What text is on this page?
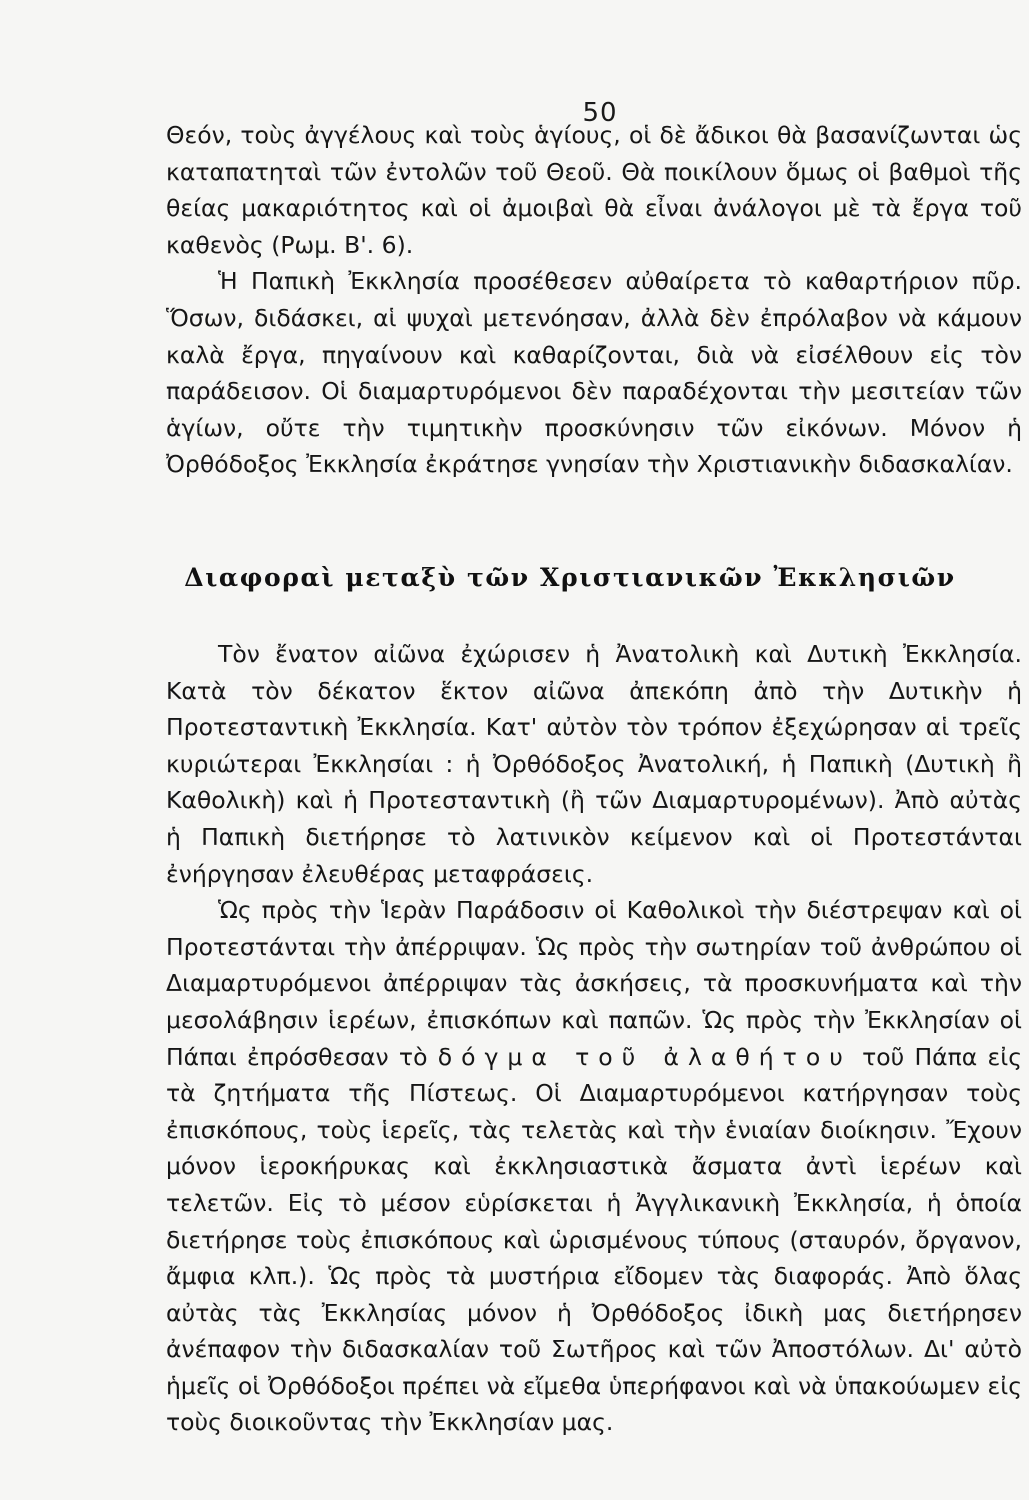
50

Θεόν, τοὺς ἀγγέλους καὶ τοὺς ἁγίους, οἱ δὲ ἄδικοι θὰ βασανίζωνται ὡς καταπατηταὶ τῶν ἐντολῶν τοῦ Θεοῦ. Θὰ ποικίλουν ὅμως οἱ βαθμοὶ τῆς θείας μακαριότητος καὶ οἱ ἀμοιβαὶ θὰ εἶναι ἀνάλογοι μὲ τὰ ἔργα τοῦ καθενὸς (Ρωμ. Β'. 6).

Ἡ Παπικὴ Ἐκκλησία προσέθεσεν αὐθαίρετα τὸ καθαρτήριον πῦρ. Ὅσων, διδάσκει, αἱ ψυχαὶ μετενόησαν, ἀλλὰ δὲν ἐπρόλαβον νὰ κάμουν καλὰ ἔργα, πηγαίνουν καὶ καθαρίζονται, διὰ νὰ εἰσέλθουν εἰς τὸν παράδεισον. Οἱ διαμαρτυρόμενοι δὲν παραδέχονται τὴν μεσιτείαν τῶν ἁγίων, οὔτε τὴν τιμητικὴν προσκύνησιν τῶν εἰκόνων. Μόνον ἡ Ὀρθόδοξος Ἐκκλησία ἐκράτησε γνησίαν τὴν Χριστιανικὴν διδασκαλίαν.

Διαφοραὶ μεταξὺ τῶν Χριστιανικῶν Ἐκκλησιῶν

Τὸν ἔνατον αἰῶνα ἐχώρισεν ἡ Ἀνατολικὴ καὶ Δυτικὴ Ἐκκλησία. Κατὰ τὸν δέκατον ἕκτον αἰῶνα ἀπεκόπη ἀπὸ τὴν Δυτικὴν ἡ Προτεσταντικὴ Ἐκκλησία. Κατ' αὐτὸν τὸν τρόπον ἐξεχώρησαν αἱ τρεῖς κυριώτεραι Ἐκκλησίαι : ἡ Ὀρθόδοξος Ἀνατολική, ἡ Παπικὴ (Δυτικὴ ἢ Καθολικὴ) καὶ ἡ Προτεσταντικὴ (ἢ τῶν Διαμαρτυρομένων). Ἀπὸ αὐτὰς ἡ Παπικὴ διετήρησε τὸ λατινικὸν κείμενον καὶ οἱ Προτεστάνται ἐνήργησαν ἐλευθέρας μεταφράσεις.

Ὡς πρὸς τὴν Ἱερὰν Παράδοσιν οἱ Καθολικοὶ τὴν διέστρεψαν καὶ οἱ Προτεστάνται τὴν ἀπέρριψαν. Ὡς πρὸς τὴν σωτηρίαν τοῦ ἀνθρώπου οἱ Διαμαρτυρόμενοι ἀπέρριψαν τὰς ἀσκήσεις, τὰ προσκυνήματα καὶ τὴν μεσολάβησιν ἱερέων, ἐπισκόπων καὶ παπῶν. Ὡς πρὸς τὴν Ἐκκλησίαν οἱ Πάπαι ἐπρόσθεσαν τὸ δόγμα τοῦ ἀλαθήτου τοῦ Πάπα εἰς τὰ ζητήματα τῆς Πίστεως. Οἱ Διαμαρτυρόμενοι κατήργησαν τοὺς ἐπισκόπους, τοὺς ἱερεῖς, τὰς τελετὰς καὶ τὴν ἑνιαίαν διοίκησιν. Ἔχουν μόνον ἱεροκήρυκας καὶ ἐκκλησιαστικὰ ἄσματα ἀντὶ ἱερέων καὶ τελετῶν. Εἰς τὸ μέσον εὑρίσκεται ἡ Ἀγγλικανικὴ Ἐκκλησία, ἡ ὁποία διετήρησε τοὺς ἐπισκόπους καὶ ὡρισμένους τύπους (σταυρόν, ὄργανον, ἄμφια κλπ.). Ὡς πρὸς τὰ μυστήρια εἴδομεν τὰς διαφοράς. Ἀπὸ ὅλας αὐτὰς τὰς Ἐκκλησίας μόνον ἡ Ὀρθόδοξος ἰδικὴ μας διετήρησεν ἀνέπαφον τὴν διδασκαλίαν τοῦ Σωτῆρος καὶ τῶν Ἀποστόλων. Δι' αὐτὸ ἡμεῖς οἱ Ὀρθόδοξοι πρέπει νὰ εἴμεθα ὑπερήφανοι καὶ νὰ ὑπακούωμεν εἰς τοὺς διοικοῦντας τὴν Ἐκκλησίαν μας.
